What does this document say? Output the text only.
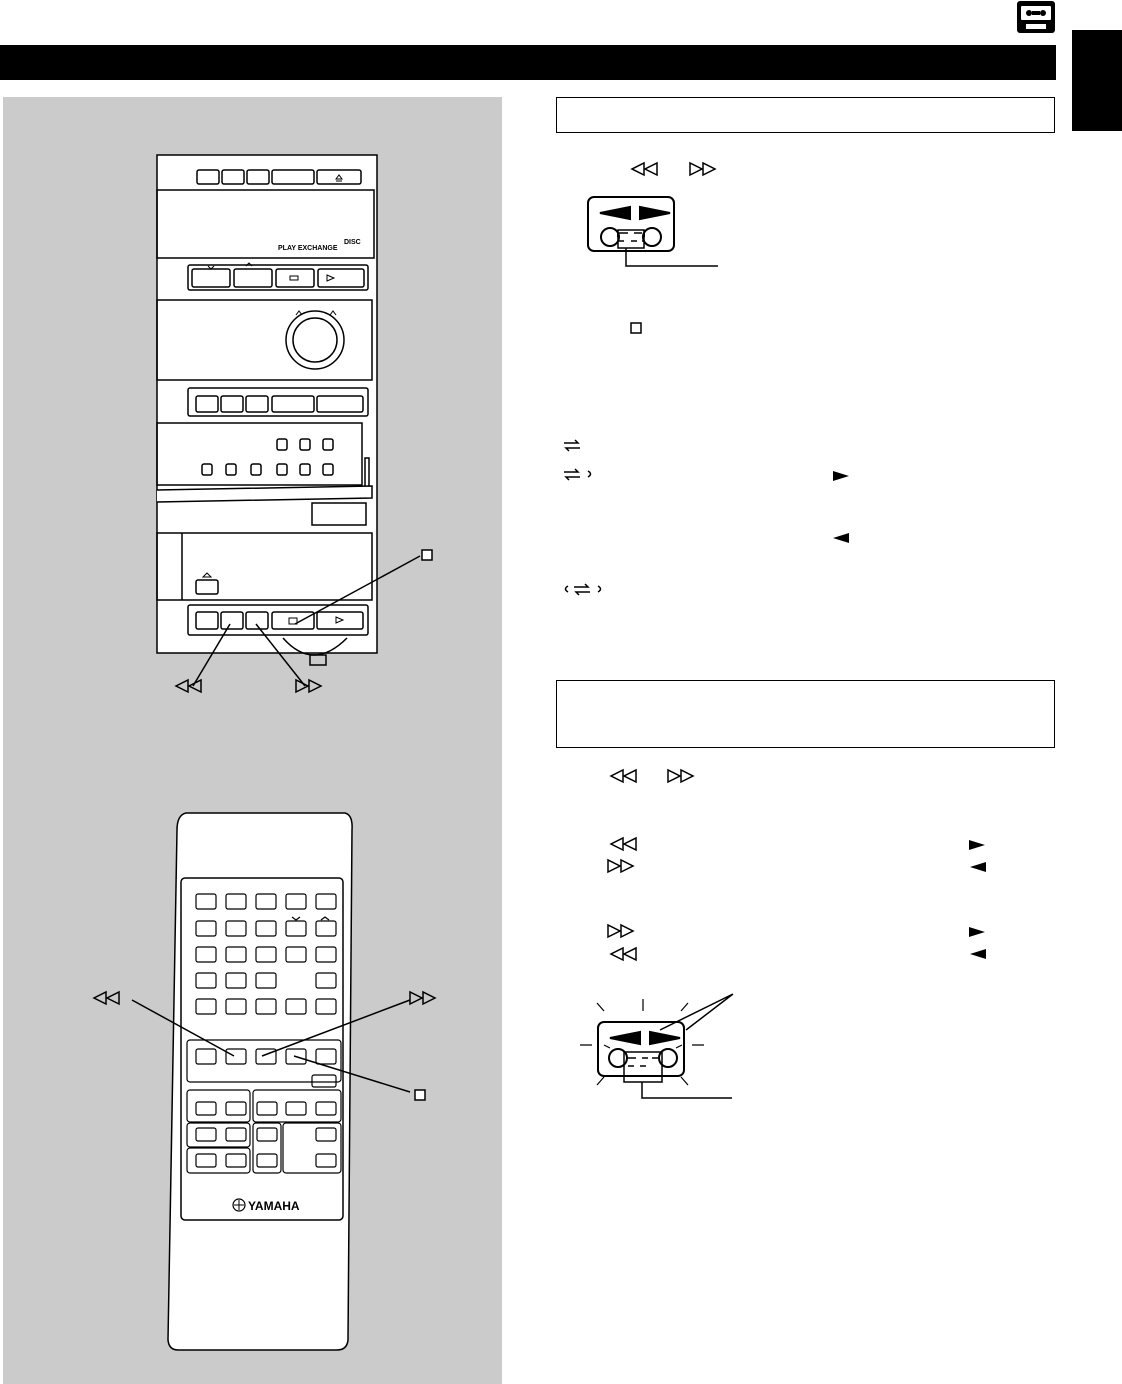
PLAY EXCHANGE
DISC
YAMAHA
